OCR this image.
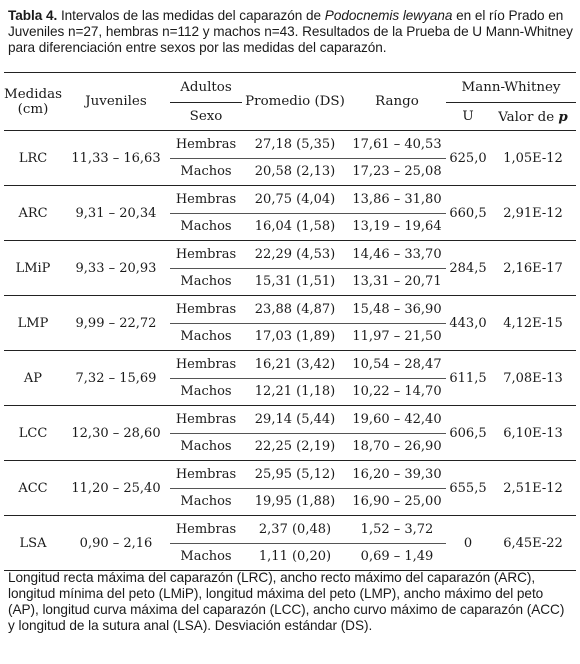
Tabla 4. Intervalos de las medidas del caparazón de Podocnemis lewyana en el río Prado en Juveniles n=27, hembras n=112 y machos n=43. Resultados de la Prueba de U Mann-Whitney para diferenciación entre sexos por las medidas del caparazón.
Medidas
(cm)	Juveniles	Adultos	Promedio (DS)	Rango	Mann-Whitney	
		Sexo			U	Valor de p
LRC	11,33 – 16,63	Hembras	27,18 (5,35)	17,61 – 40,53	625,0	1,05E-12
		Machos	20,58 (2,13)	17,23 – 25,08		
ARC	9,31 – 20,34	Hembras	20,75 (4,04)	13,86 – 31,80	660,5	2,91E-12
		Machos	16,04 (1,58)	13,19 – 19,64		
LMiP	9,33 – 20,93	Hembras	22,29 (4,53)	14,46 – 33,70	284,5	2,16E-17
		Machos	15,31 (1,51)	13,31 – 20,71		
LMP	9,99 – 22,72	Hembras	23,88 (4,87)	15,48 – 36,90	443,0	4,12E-15
		Machos	17,03 (1,89)	11,97 – 21,50		
AP	7,32 – 15,69	Hembras	16,21 (3,42)	10,54 – 28,47	611,5	7,08E-13
		Machos	12,21 (1,18)	10,22 – 14,70		
LCC	12,30 – 28,60	Hembras	29,14 (5,44)	19,60 – 42,40	606,5	6,10E-13
		Machos	22,25 (2,19)	18,70 – 26,90		
ACC	11,20 – 25,40	Hembras	25,95 (5,12)	16,20 – 39,30	655,5	2,51E-12
		Machos	19,95 (1,88)	16,90 – 25,00		
LSA	0,90 – 2,16	Hembras	2,37 (0,48)	1,52 – 3,72	0	6,45E-22
		Machos	1,11 (0,20)	0,69 – 1,49		
Longitud recta máxima del caparazón (LRC), ancho recto máximo del caparazón (ARC), longitud mínima del peto (LMiP), longitud máxima del peto (LMP), ancho máximo del peto (AP), longitud curva máxima del caparazón (LCC), ancho curvo máximo de caparazón (ACC) y longitud de la sutura anal (LSA). Desviación estándar (DS).
